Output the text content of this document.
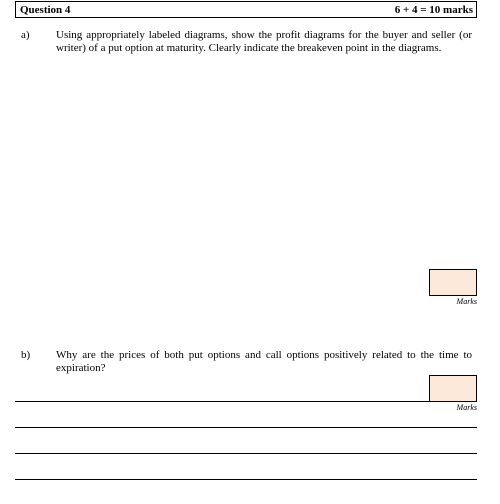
Question 4	6 + 4 = 10 marks
a) Using appropriately labeled diagrams, show the profit diagrams for the buyer and seller (or writer) of a put option at maturity. Clearly indicate the breakeven point in the diagrams.
Marks
b) Why are the prices of both put options and call options positively related to the time to expiration?
Marks
